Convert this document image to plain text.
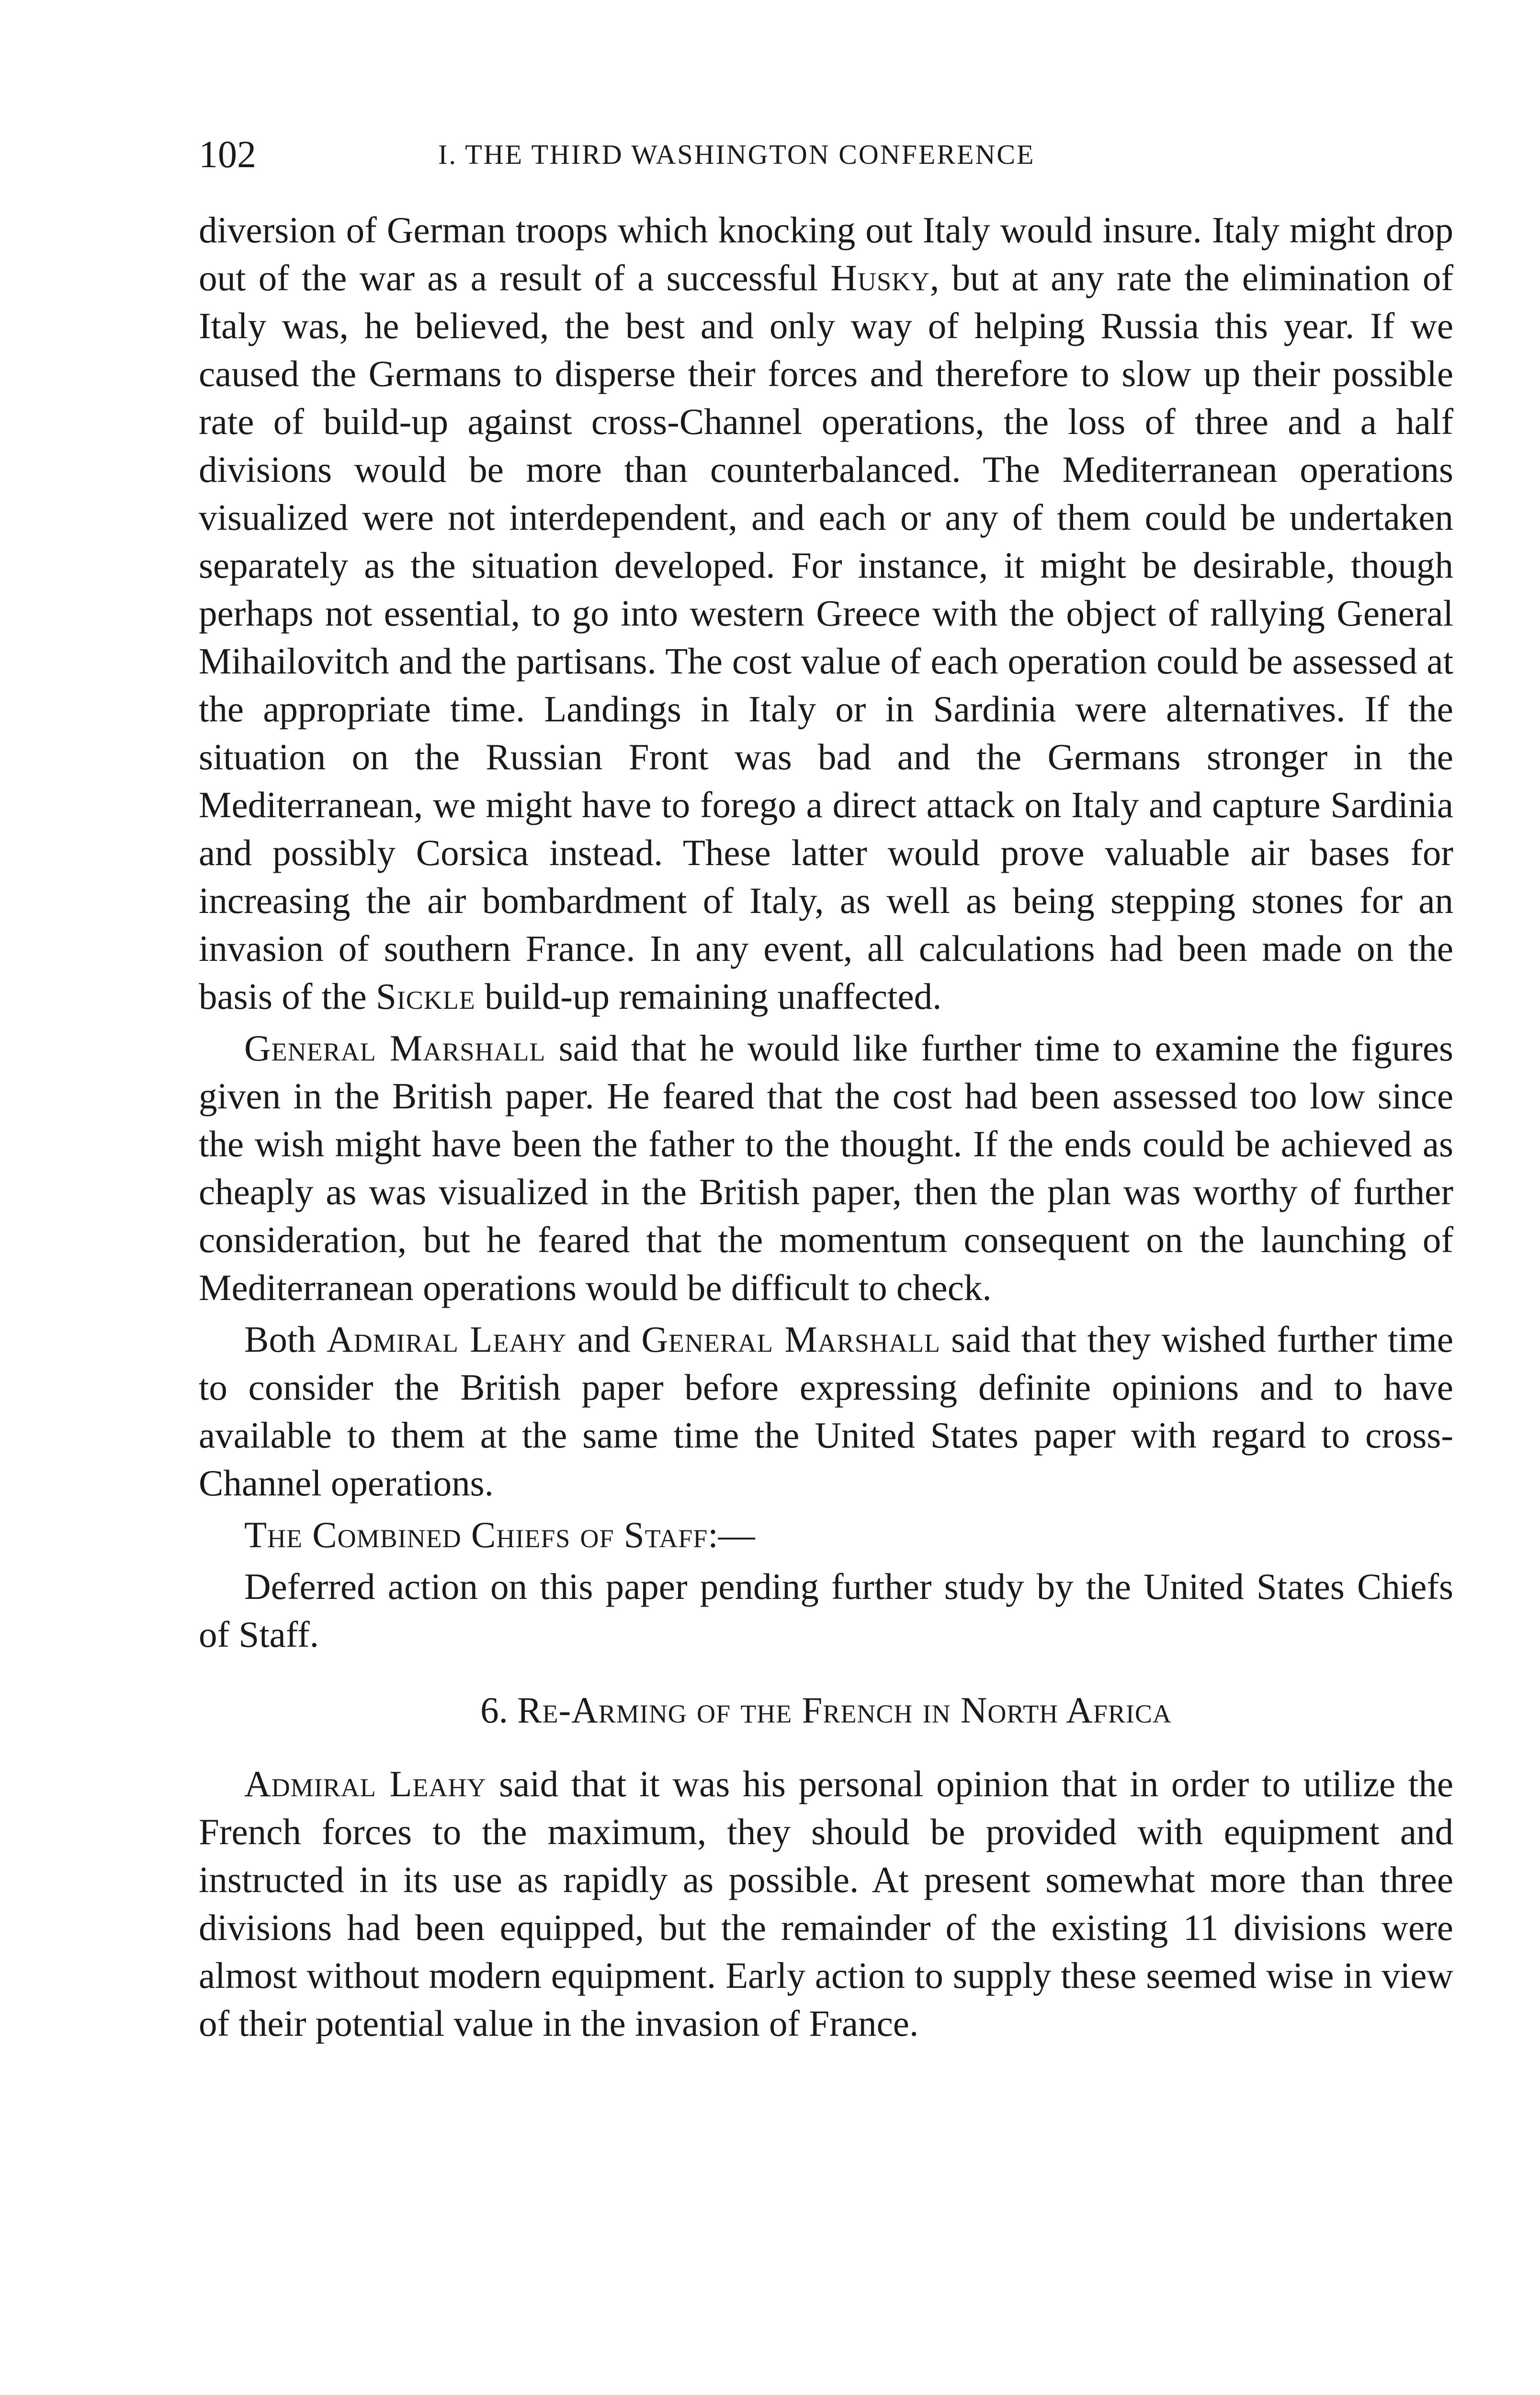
102	I. THE THIRD WASHINGTON CONFERENCE

diversion of German troops which knocking out Italy would insure. Italy might drop out of the war as a result of a successful Husky, but at any rate the elimination of Italy was, he believed, the best and only way of helping Russia this year. If we caused the Germans to disperse their forces and therefore to slow up their possible rate of build-up against cross-Channel operations, the loss of three and a half divisions would be more than counterbalanced. The Mediterranean operations visualized were not interdependent, and each or any of them could be undertaken separately as the situation developed. For instance, it might be desirable, though perhaps not essential, to go into western Greece with the object of rallying General Mihailovitch and the partisans. The cost value of each operation could be assessed at the appropriate time. Landings in Italy or in Sardinia were alternatives. If the situation on the Russian Front was bad and the Germans stronger in the Mediterranean, we might have to forego a direct attack on Italy and capture Sardinia and possibly Corsica instead. These latter would prove valuable air bases for increasing the air bombardment of Italy, as well as being stepping stones for an invasion of southern France. In any event, all calculations had been made on the basis of the Sickle build-up remaining unaffected.

General Marshall said that he would like further time to examine the figures given in the British paper. He feared that the cost had been assessed too low since the wish might have been the father to the thought. If the ends could be achieved as cheaply as was visualized in the British paper, then the plan was worthy of further consideration, but he feared that the momentum consequent on the launching of Mediterranean operations would be difficult to check.

Both Admiral Leahy and General Marshall said that they wished further time to consider the British paper before expressing definite opinions and to have available to them at the same time the United States paper with regard to cross-Channel operations.

The Combined Chiefs of Staff:—

Deferred action on this paper pending further study by the United States Chiefs of Staff.

6. Re-Arming of the French in North Africa

Admiral Leahy said that it was his personal opinion that in order to utilize the French forces to the maximum, they should be provided with equipment and instructed in its use as rapidly as possible. At present somewhat more than three divisions had been equipped, but the remainder of the existing 11 divisions were almost without modern equipment. Early action to supply these seemed wise in view of their potential value in the invasion of France.
